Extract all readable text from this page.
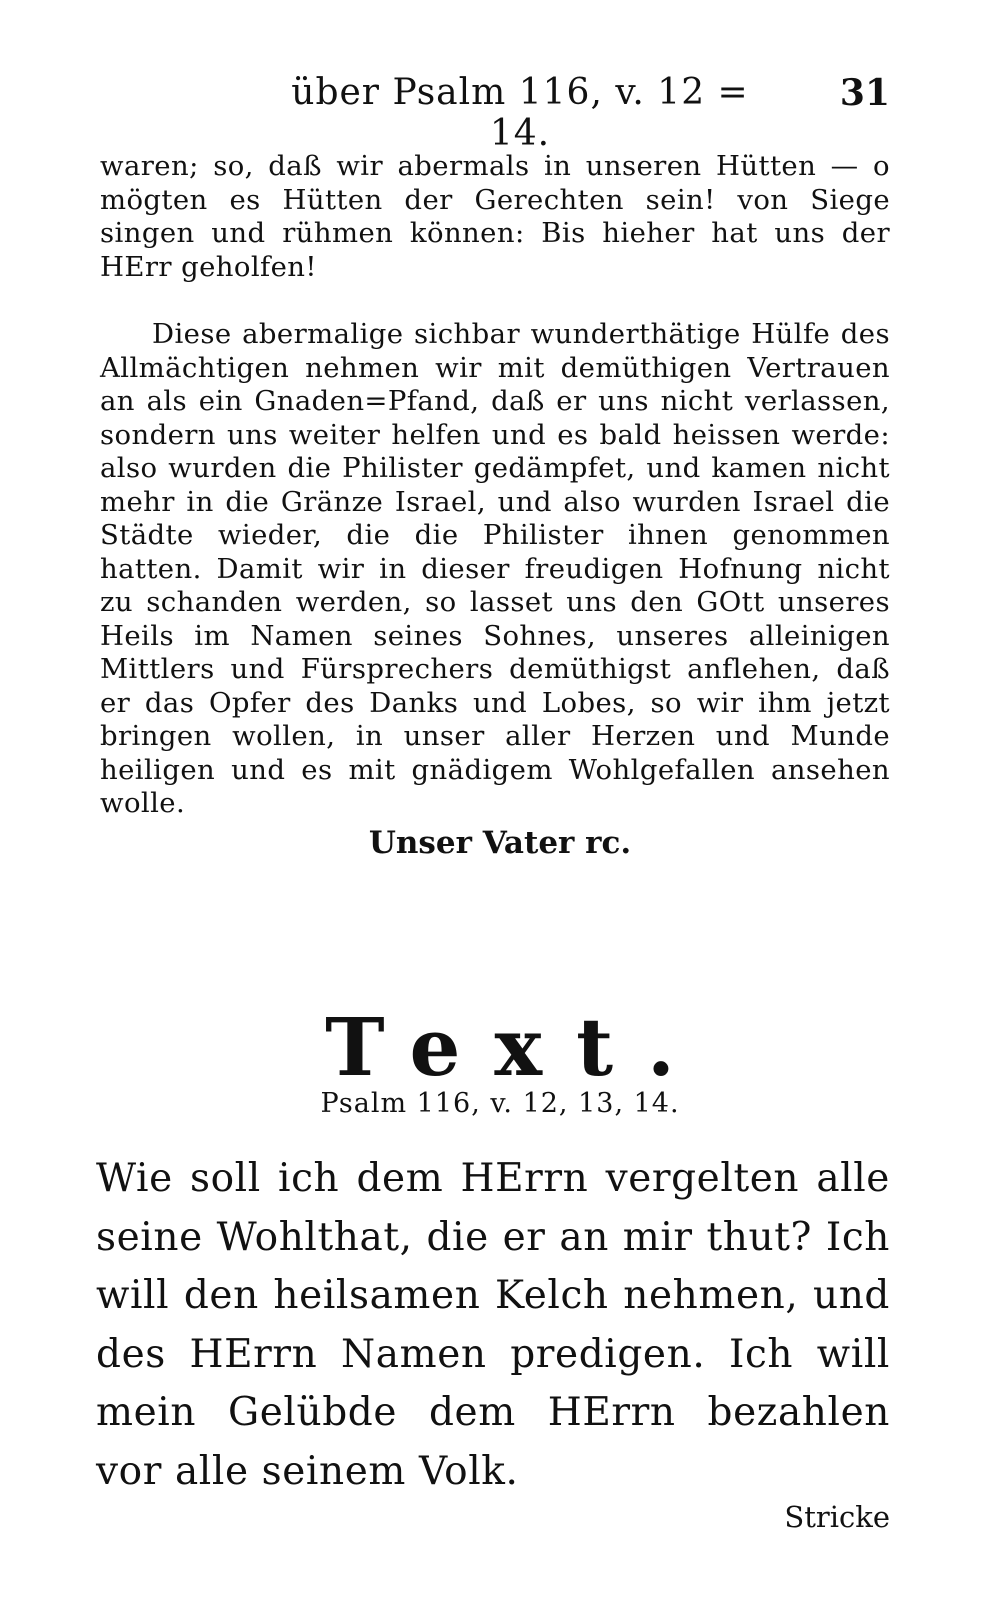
über Psalm 116, v. 12 = 14.
31

waren; so, daß wir abermals in unseren Hütten — o mögten es Hütten der Gerechten sein! von Siege singen und rühmen können: Bis hieher hat uns der HErr geholfen!

Diese abermalige sichbar wunderthätige Hülfe des Allmächtigen nehmen wir mit demüthigen Vertrauen an als ein Gnaden=Pfand, daß er uns nicht verlassen, sondern uns weiter helfen und es bald heissen werde: also wurden die Philister gedämpfet, und kamen nicht mehr in die Gränze Israel, und also wurden Israel die Städte wieder, die die Philister ihnen genommen hatten. Damit wir in dieser freudigen Hofnung nicht zu schanden werden, so lasset uns den GOtt unseres Heils im Namen seines Sohnes, unseres alleinigen Mittlers und Fürsprechers demüthigst anflehen, daß er das Opfer des Danks und Lobes, so wir ihm jetzt bringen wollen, in unser aller Herzen und Munde heiligen und es mit gnädigem Wohlgefallen ansehen wolle.

Unser Vater rc.
Text.
Psalm 116, v. 12, 13, 14.

Wie soll ich dem HErrn vergelten alle seine Wohlthat, die er an mir thut? Ich will den heilsamen Kelch nehmen, und des HErrn Namen predigen. Ich will mein Gelübde dem HErrn bezahlen vor alle seinem Volk.

Stricke
